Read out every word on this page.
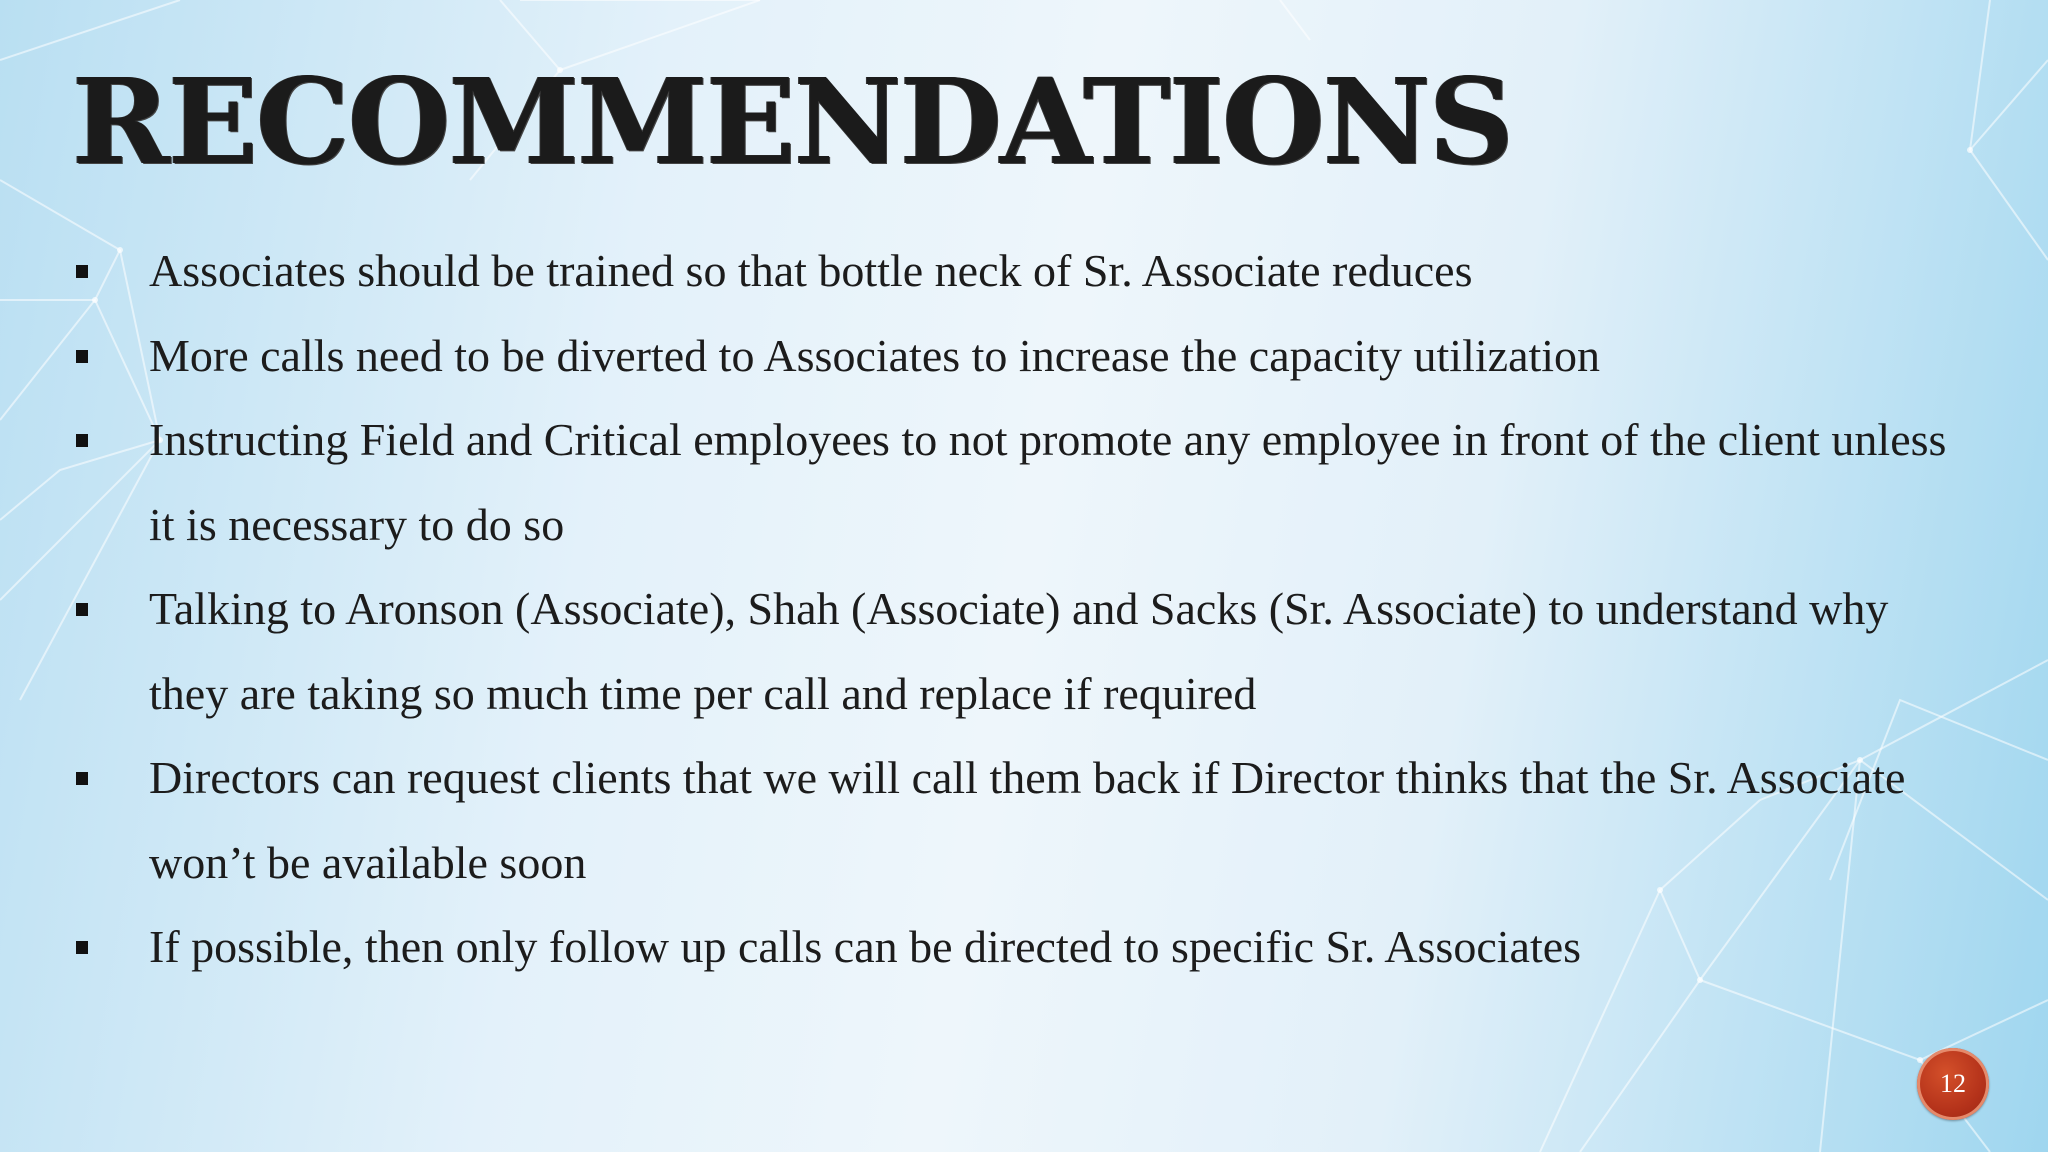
RECOMMENDATIONS
Associates should be trained so that bottle neck of Sr. Associate reduces
More calls need to be diverted to Associates to increase the capacity utilization
Instructing Field and Critical employees to not promote any employee in front of the client unless it is necessary to do so
Talking to Aronson (Associate), Shah (Associate) and Sacks (Sr. Associate) to understand why they are taking so much time per call and replace if required
Directors can request clients that we will call them back if Director thinks that the Sr. Associate won’t be available soon
If possible, then only follow up calls can be directed to specific Sr. Associates
12
